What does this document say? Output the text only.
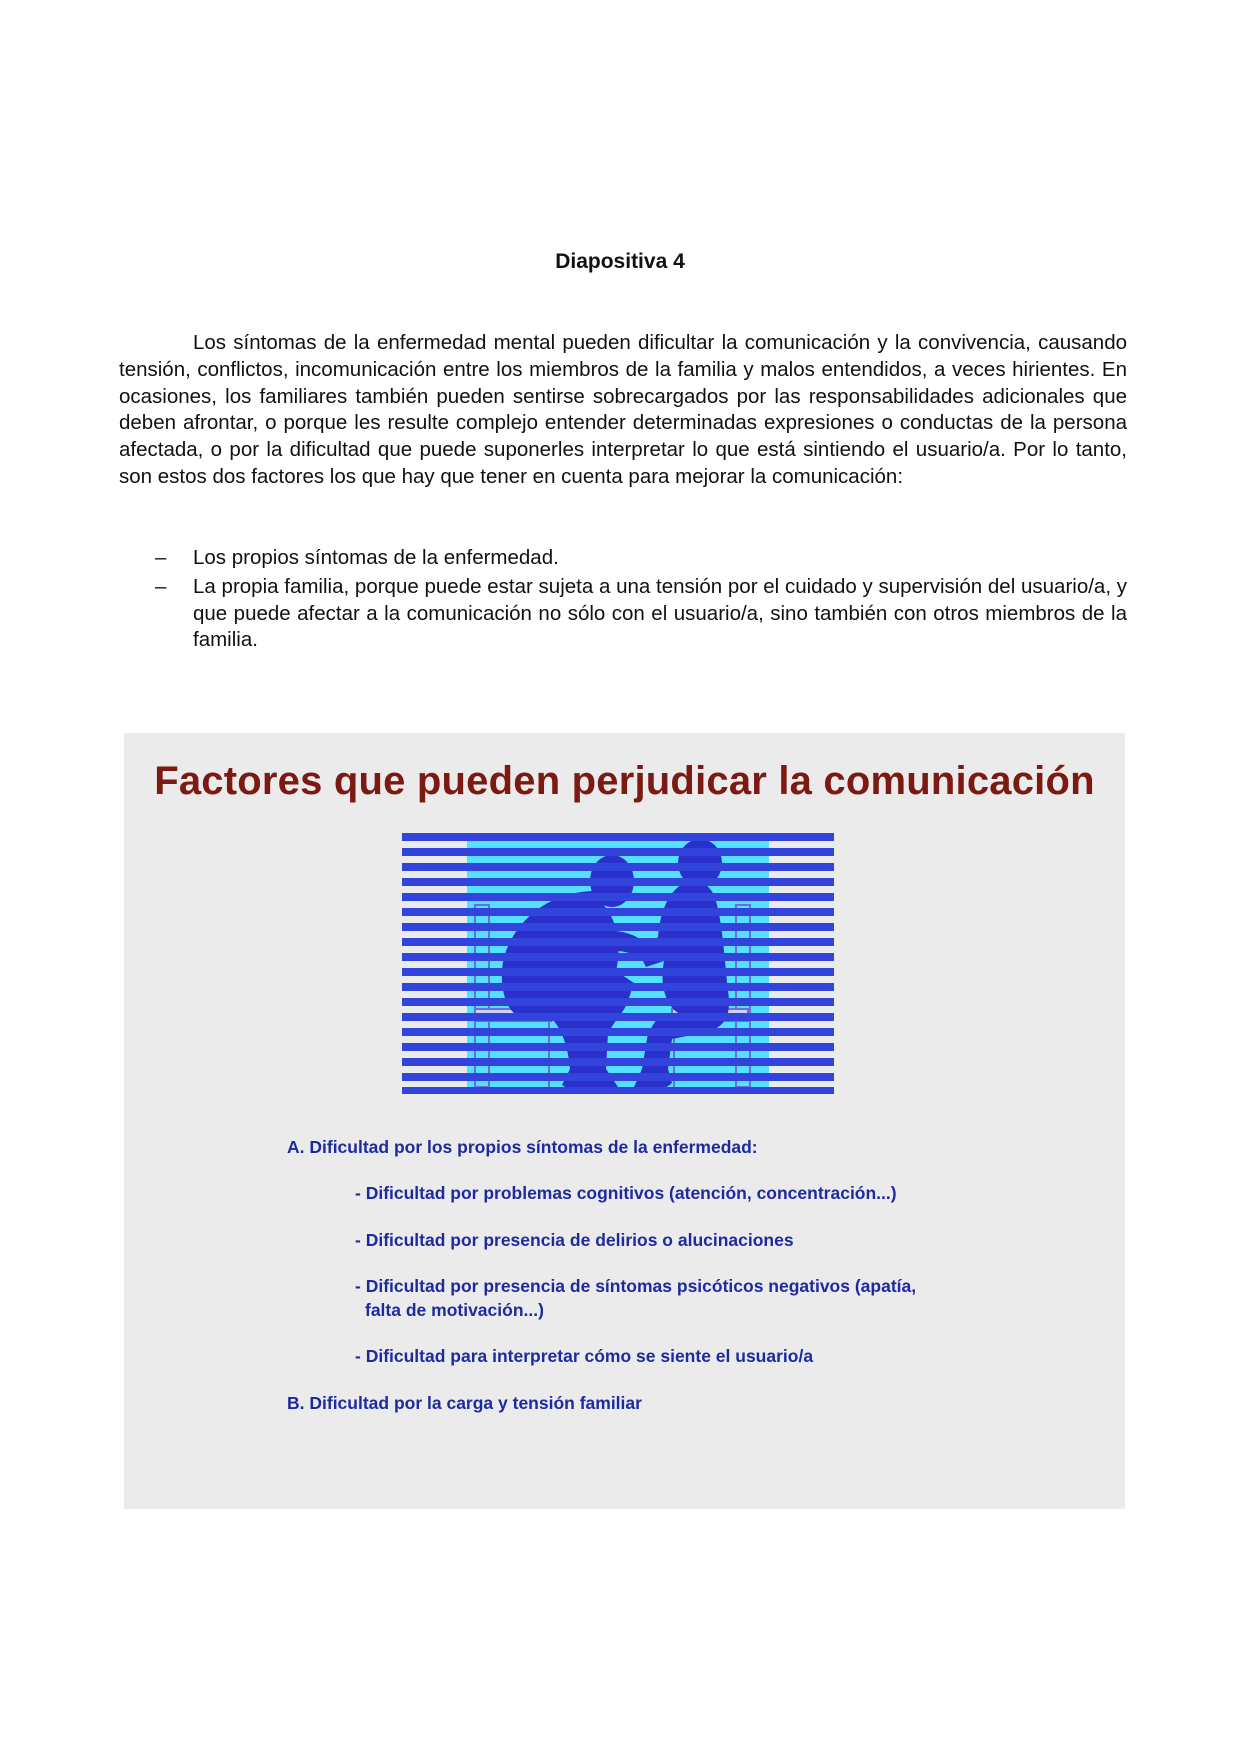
Diapositiva 4

Los síntomas de la enfermedad mental pueden dificultar la comunicación y la convivencia, causando tensión, conflictos, incomunicación entre los miembros de la familia y malos entendidos, a veces hirientes. En ocasiones, los familiares también pueden sentirse sobrecargados por las responsabilidades adicionales que deben afrontar, o porque les resulte complejo entender determinadas expresiones o conductas de la persona afectada, o por la dificultad que puede suponerles interpretar lo que está sintiendo el usuario/a. Por lo tanto, son estos dos factores los que hay que tener en cuenta para mejorar la comunicación:

– Los propios síntomas de la enfermedad.
– La propia familia, porque puede estar sujeta a una tensión por el cuidado y supervisión del usuario/a, y que puede afectar a la comunicación no sólo con el usuario/a, sino también con otros miembros de la familia.
Factores que pueden perjudicar la comunicación
A. Dificultad por los propios síntomas de la enfermedad:
- Dificultad por problemas cognitivos (atención, concentración...)
- Dificultad por presencia de delirios o alucinaciones
- Dificultad por presencia de síntomas psicóticos negativos (apatía,
falta de motivación...)
- Dificultad para interpretar cómo se siente el usuario/a
B. Dificultad por la carga y tensión familiar
